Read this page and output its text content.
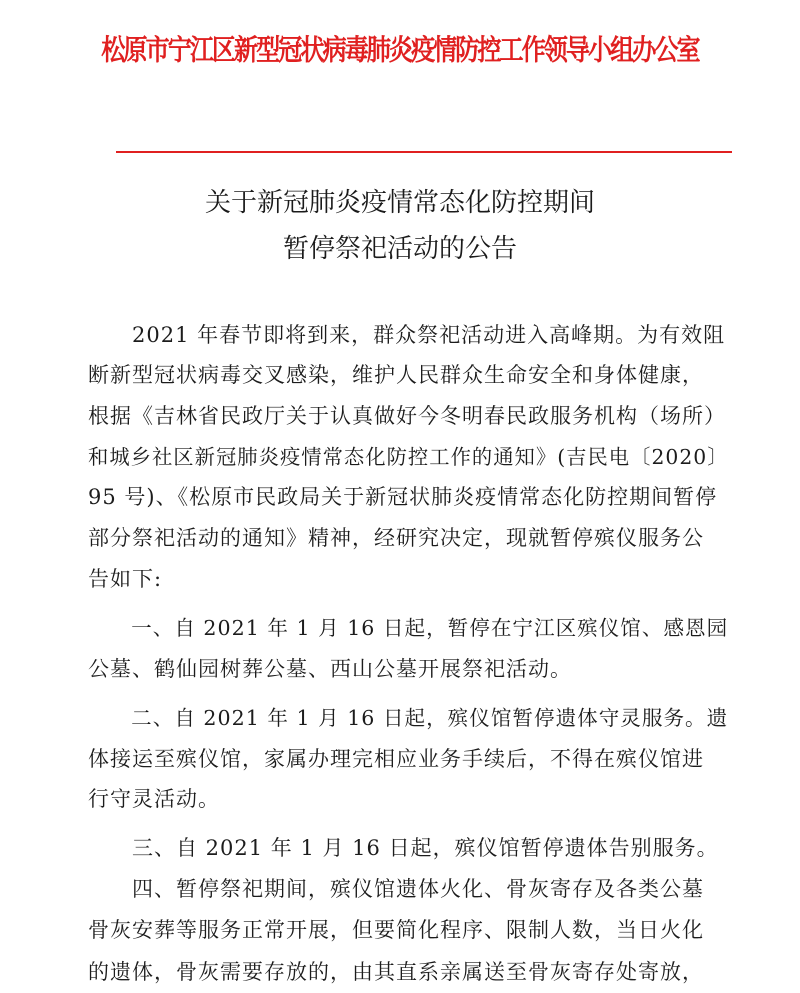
松原市宁江区新型冠状病毒肺炎疫情防控工作领导小组办公室
关于新冠肺炎疫情常态化防控期间
暂停祭祀活动的公告
　　2021 年春节即将到来，群众祭祀活动进入高峰期。为有效阻
断新型冠状病毒交叉感染，维护人民群众生命安全和身体健康，
根据《吉林省民政厅关于认真做好今冬明春民政服务机构（场所）
和城乡社区新冠肺炎疫情常态化防控工作的通知》(吉民电〔2020〕
95 号)、《松原市民政局关于新冠状肺炎疫情常态化防控期间暂停
部分祭祀活动的通知》精神，经研究决定，现就暂停殡仪服务公
告如下:
　　一、自 2021 年 1 月 16 日起，暂停在宁江区殡仪馆、感恩园
公墓、鹤仙园树葬公墓、西山公墓开展祭祀活动。
　　二、自 2021 年 1 月 16 日起，殡仪馆暂停遗体守灵服务。遗
体接运至殡仪馆，家属办理完相应业务手续后，不得在殡仪馆进
行守灵活动。
　　三、自 2021 年 1 月 16 日起，殡仪馆暂停遗体告别服务。
　　四、暂停祭祀期间，殡仪馆遗体火化、骨灰寄存及各类公墓
骨灰安葬等服务正常开展，但要简化程序、限制人数，当日火化
的遗体，骨灰需要存放的，由其直系亲属送至骨灰寄存处寄放，
